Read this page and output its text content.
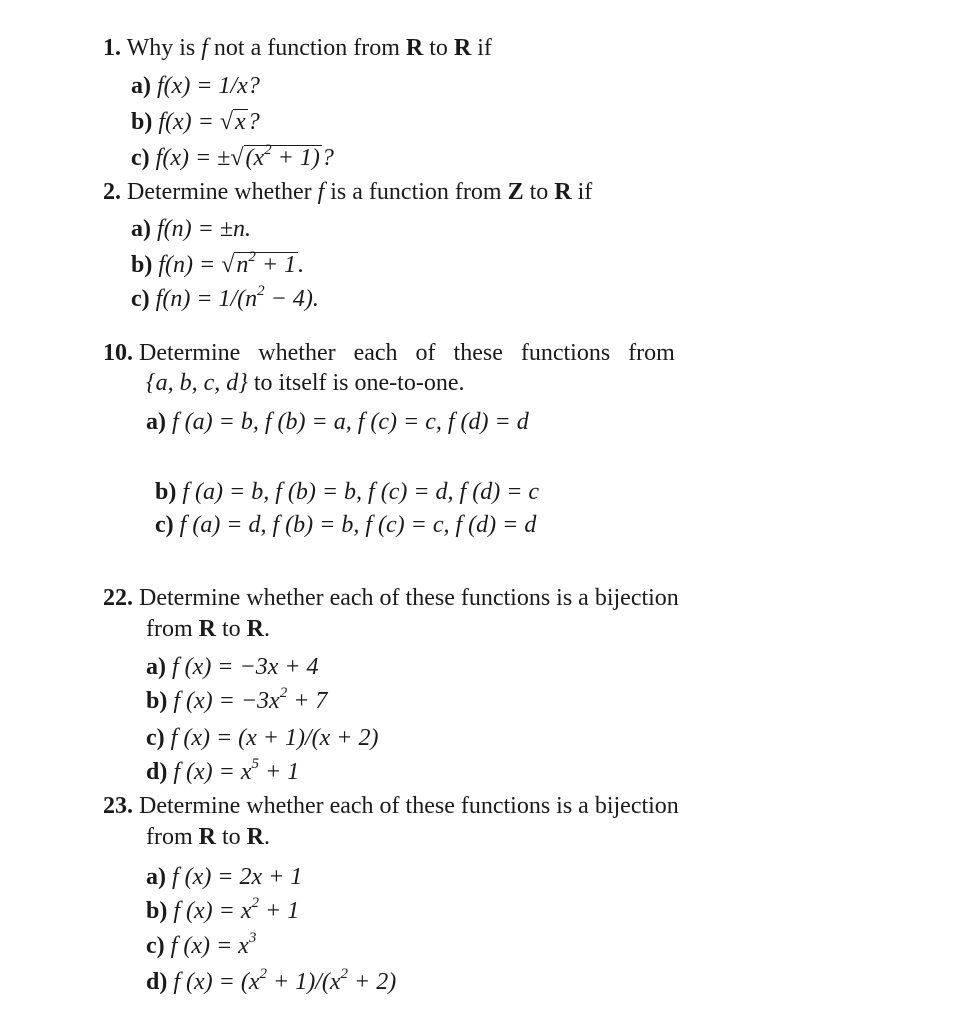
1. Why is f not a function from R to R if
a) f(x) = 1/x?
b) f(x) = √x?
c) $f(x) = \pm√(x^2 + 1)$?
2. Determine whether f is a function from Z to R if
a) f(n) = ±n.
b) $f(n) = √n^2 + 1$.
c) $f(n) = 1/(n^2 - 4)$.
10. Determine   whether   each   of   these   functions   from
{a, b, c, d} to itself is one-to-one.
a) f (a) = b, f (b) = a, f (c) = c, f (d) = d
b) f (a) = b, f (b) = b, f (c) = d, f (d) = c
c) f (a) = d, f (b) = b, f (c) = c, f (d) = d
22. Determine whether each of these functions is a bijection
from R to R.
a) f (x) = −3x + 4
b) f $(x) = -3x^2 + 7$
c) f (x) = (x + 1)/(x + 2)
d) f $(x) = x^5 + 1$
23. Determine whether each of these functions is a bijection
from R to R.
a) f (x) = 2x + 1
b) f $(x) = x^2 + 1$
c) f $(x) = x^3$
d) f $(x) = (x^2 + 1)/(x^2 + 2)$
